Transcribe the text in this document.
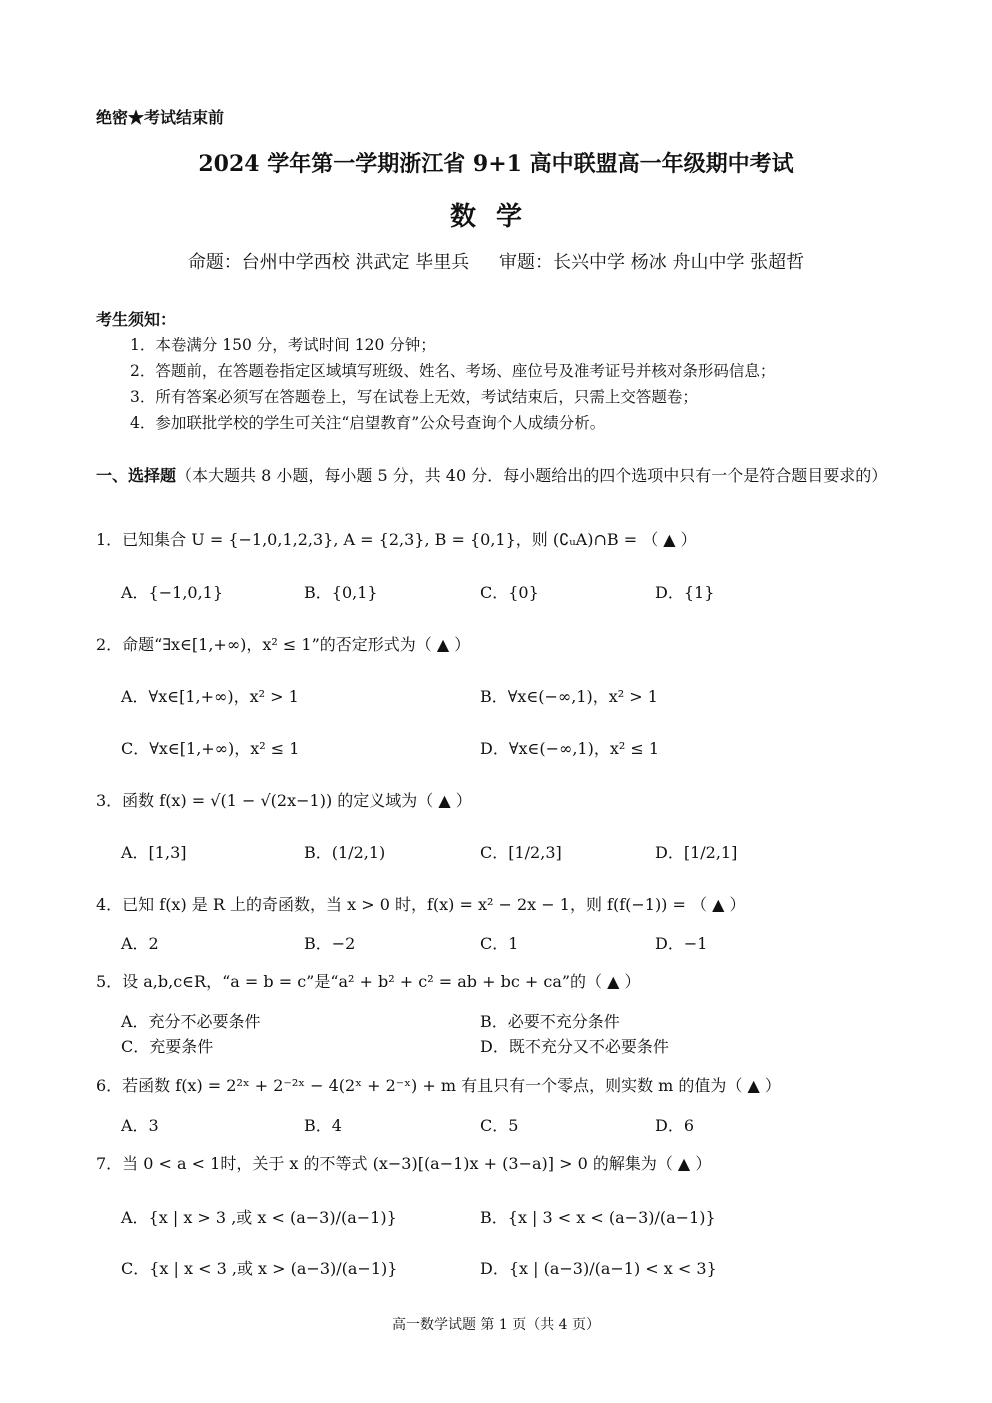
绝密★考试结束前
2024 学年第一学期浙江省 9+1 高中联盟高一年级期中考试
数学
命题：台州中学西校 洪武定 毕里兵 审题：长兴中学 杨冰 舟山中学 张超哲
考生须知：
1．本卷满分 150 分，考试时间 120 分钟；
2．答题前，在答题卷指定区域填写班级、姓名、考场、座位号及准考证号并核对条形码信息；
3．所有答案必须写在答题卷上，写在试卷上无效，考试结束后，只需上交答题卷；
4．参加联批学校的学生可关注“启望教育”公众号查询个人成绩分析。
一、选择题（本大题共 8 小题，每小题 5 分，共 40 分．每小题给出的四个选项中只有一个是符合题目要求的）
1．已知集合 U = {−1,0,1,2,3}, A = {2,3}, B = {0,1}，则 (∁ᵤA)∩B = （ ▲ ）
A．{−1,0,1}	B．{0,1}	C．{0}	D．{1}
2．命题“∃x∈[1,+∞)，x² ≤ 1”的否定形式为（ ▲ ）
A．∀x∈[1,+∞)，x² > 1	B．∀x∈(−∞,1)，x² > 1
C．∀x∈[1,+∞)，x² ≤ 1	D．∀x∈(−∞,1)，x² ≤ 1
3．函数 f(x) = √(1 − √(2x−1)) 的定义域为（ ▲ ）
A．[1,3]	B．(1/2,1)	C．[1/2,3]	D．[1/2,1]
4．已知 f(x) 是 R 上的奇函数，当 x > 0 时，f(x) = x² − 2x − 1，则 f(f(−1)) = （ ▲ ）
A．2	B．−2	C．1	D．−1
5．设 a,b,c∈R，“a = b = c”是“a² + b² + c² = ab + bc + ca”的（ ▲ ）
A．充分不必要条件	B．必要不充分条件
C．充要条件	D．既不充分又不必要条件
6．若函数 f(x) = 2²ˣ + 2⁻²ˣ − 4(2ˣ + 2⁻ˣ) + m 有且只有一个零点，则实数 m 的值为（ ▲ ）
A．3	B．4	C．5	D．6
7．当 0 < a < 1时，关于 x 的不等式 (x−3)[(a−1)x + (3−a)] > 0 的解集为（ ▲ ）
A．{x | x > 3 ,或 x < (a−3)/(a−1)}	B．{x | 3 < x < (a−3)/(a−1)}
C．{x | x < 3 ,或 x > (a−3)/(a−1)}	D．{x | (a−3)/(a−1) < x < 3}
高一数学试题 第 1 页（共 4 页）
